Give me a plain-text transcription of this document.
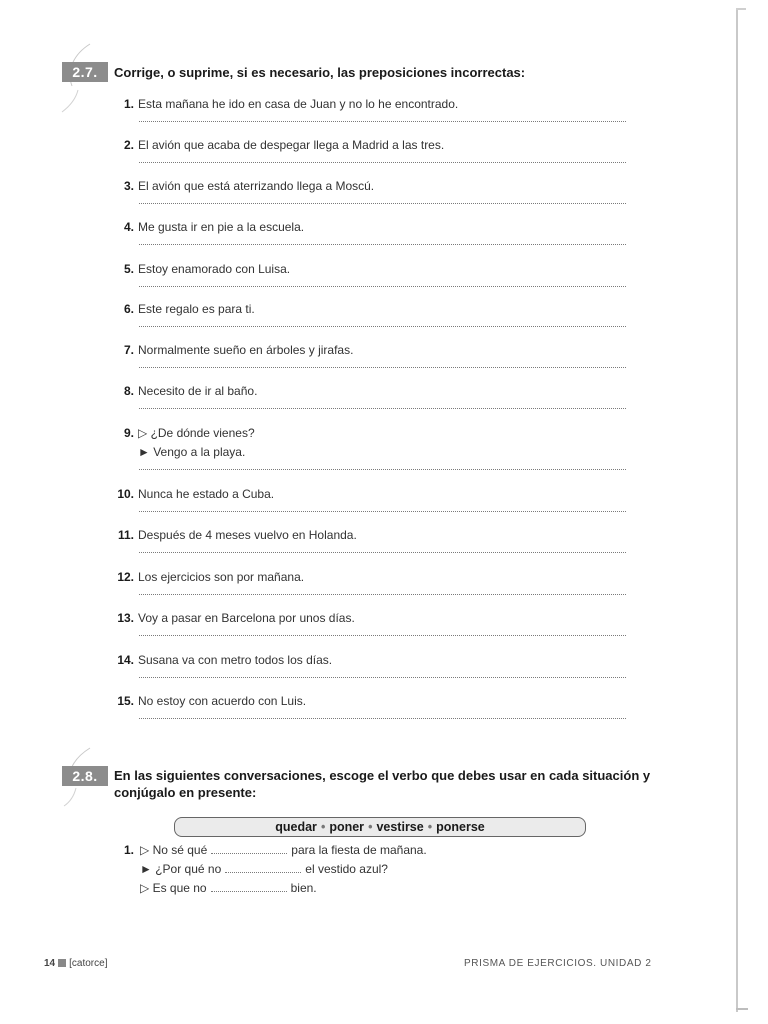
2.7.	Corrige, o suprime, si es necesario, las preposiciones incorrectas:
1. Esta mañana he ido en casa de Juan y no lo he encontrado.
2. El avión que acaba de despegar llega a Madrid a las tres.
3. El avión que está aterrizando llega a Moscú.
4. Me gusta ir en pie a la escuela.
5. Estoy enamorado con Luisa.
6. Este regalo es para ti.
7. Normalmente sueño en árboles y jirafas.
8. Necesito de ir al baño.
9. ▷ ¿De dónde vienes?
► Vengo a la playa.
10. Nunca he estado a Cuba.
11. Después de 4 meses vuelvo en Holanda.
12. Los ejercicios son por mañana.
13. Voy a pasar en Barcelona por unos días.
14. Susana va con metro todos los días.
15. No estoy con acuerdo con Luis.
2.8.	En las siguientes conversaciones, escoge el verbo que debes usar en cada situación y conjúgalo en presente:
quedar • poner • vestirse • ponerse
1. ▷ No sé qué	para la fiesta de mañana.
► ¿Por qué no	el vestido azul?
▷ Es que no	bien.
14 [catorce]	PRISMA DE EJERCICIOS. UNIDAD 2
